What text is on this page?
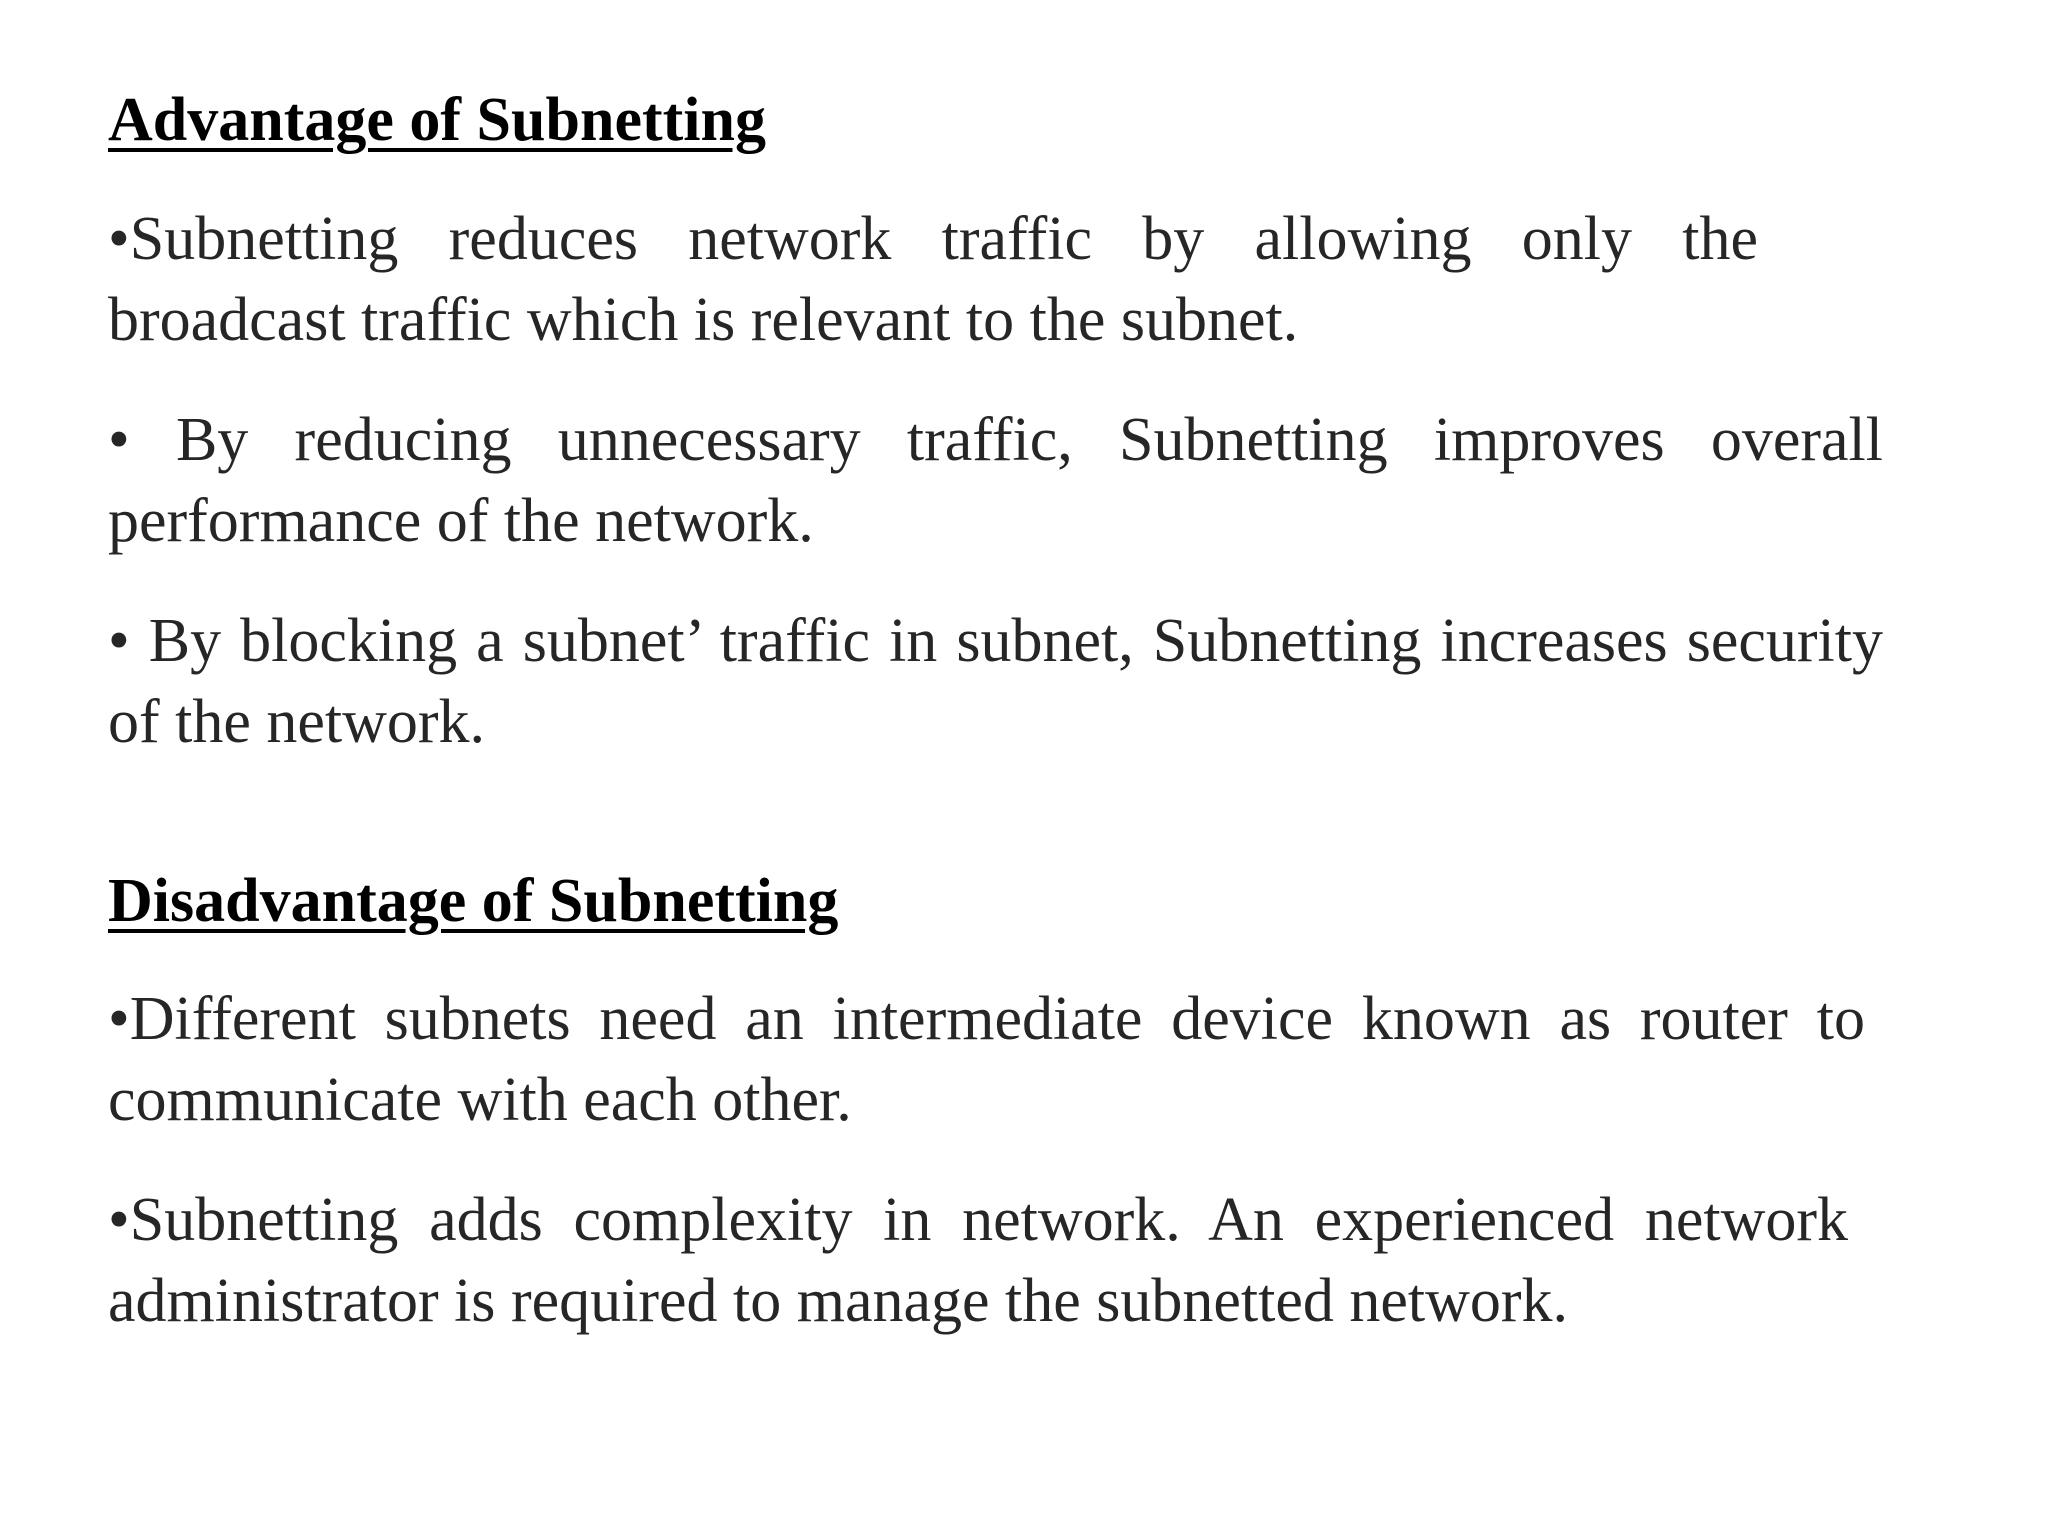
Advantage of Subnetting

•Subnetting reduces network traffic by allowing only the broadcast traffic which is relevant to the subnet.

• By reducing unnecessary traffic, Subnetting improves overall performance of the network.

• By blocking a subnet’ traffic in subnet, Subnetting increases security of the network.

Disadvantage of Subnetting

•Different subnets need an intermediate device known as router to communicate with each other.

•Subnetting adds complexity in network. An experienced network administrator is required to manage the subnetted network.
